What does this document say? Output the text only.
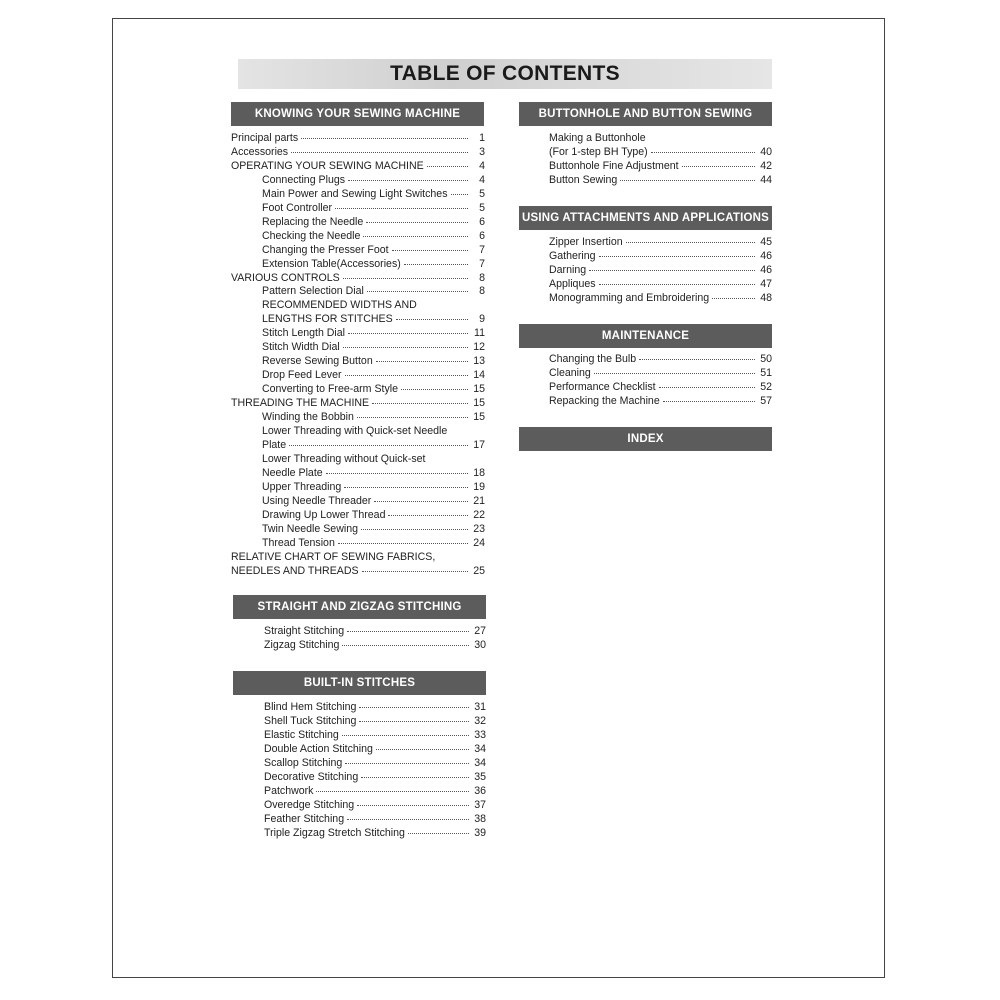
TABLE OF CONTENTS
KNOWING YOUR SEWING MACHINE
Principal parts	1
Accessories	3
OPERATING YOUR SEWING MACHINE	4
Connecting Plugs	4
Main Power and Sewing Light Switches	5
Foot Controller	5
Replacing the Needle	6
Checking the Needle	6
Changing the Presser Foot	7
Extension Table(Accessories)	7
VARIOUS CONTROLS	8
Pattern Selection Dial	8
RECOMMENDED WIDTHS AND
LENGTHS FOR STITCHES	9
Stitch Length Dial	11
Stitch Width Dial	12
Reverse Sewing Button	13
Drop Feed Lever	14
Converting to Free-arm Style	15
THREADING THE MACHINE	15
Winding the Bobbin	15
Lower Threading with Quick-set Needle
Plate	17
Lower Threading without Quick-set
Needle Plate	18
Upper Threading	19
Using Needle Threader	21
Drawing Up Lower Thread	22
Twin Needle Sewing	23
Thread Tension	24
RELATIVE CHART OF SEWING FABRICS,
NEEDLES AND THREADS	25
STRAIGHT AND ZIGZAG STITCHING
Straight Stitching	27
Zigzag Stitching	30
BUILT-IN STITCHES
Blind Hem Stitching	31
Shell Tuck Stitching	32
Elastic Stitching	33
Double Action Stitching	34
Scallop Stitching	34
Decorative Stitching	35
Patchwork	36
Overedge Stitching	37
Feather Stitching	38
Triple Zigzag Stretch Stitching	39
BUTTONHOLE AND BUTTON SEWING
Making a Buttonhole
(For 1-step BH Type)	40
Buttonhole Fine Adjustment	42
Button Sewing	44
USING ATTACHMENTS AND APPLICATIONS
Zipper Insertion	45
Gathering	46
Darning	46
Appliques	47
Monogramming and Embroidering	48
MAINTENANCE
Changing the Bulb	50
Cleaning	51
Performance Checklist	52
Repacking the Machine	57
INDEX
